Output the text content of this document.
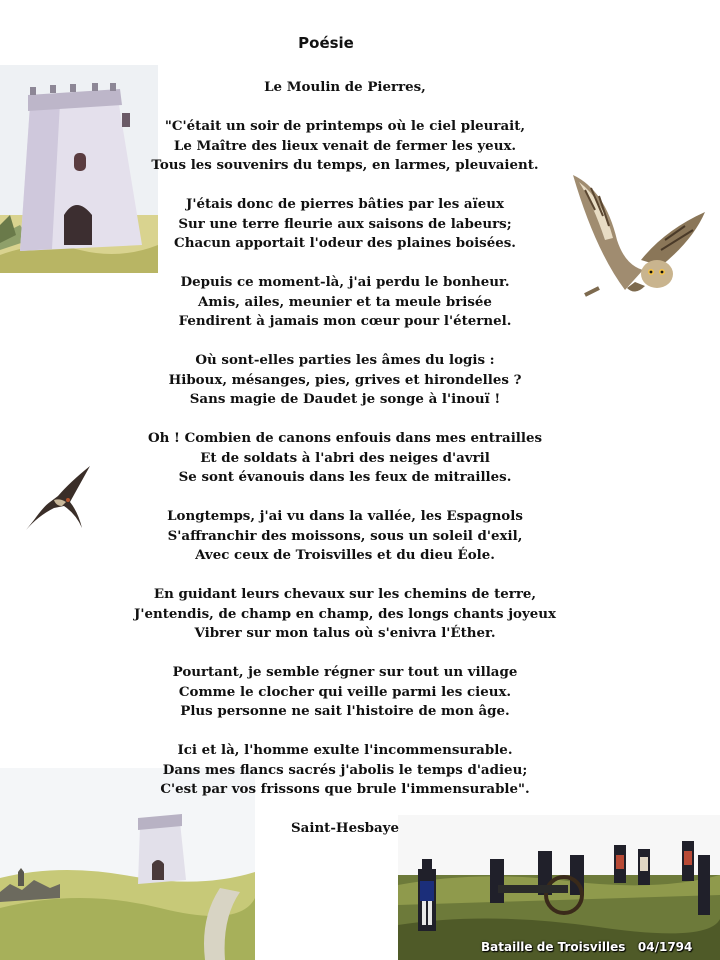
Poésie
Le Moulin de Pierres,
"C'était un soir de printemps où le ciel pleurait,
Le Maître des lieux venait de fermer les yeux.
Tous les souvenirs du temps, en larmes, pleuvaient.
J'étais donc de pierres bâties par les aïeux
Sur une terre fleurie aux saisons de labeurs;
Chacun apportait l'odeur des plaines boisées.
Depuis ce moment-là, j'ai perdu le bonheur.
Amis, ailes, meunier et ta meule brisée
Fendirent à jamais mon cœur pour l'éternel.
Où sont-elles parties les âmes du logis :
Hiboux, mésanges, pies, grives et hirondelles ?
Sans magie de Daudet je songe à l'inouï !
Oh ! Combien de canons enfouis dans mes entrailles
Et de soldats à l'abri des neiges d'avril
Se sont évanouis dans les feux de mitrailles.
Longtemps, j'ai vu dans la vallée, les Espagnols
S'affranchir des moissons, sous un soleil d'exil,
Avec ceux de Troisvilles et du dieu Éole.
En guidant leurs chevaux sur les chemins de terre,
J'entendis, de champ en champ, des longs chants joyeux
Vibrer sur mon talus où s'enivra l'Éther.
Pourtant, je semble régner sur tout un village
Comme le clocher qui veille parmi les cieux.
Plus personne ne sait l'histoire de mon âge.
Ici et là, l'homme exulte l'incommensurable.
Dans mes flancs sacrés j'abolis le temps d'adieu;
C'est par vos frissons que brule l'immensurable".
Saint-Hesbaye
Bataille de Troisvilles   04/1794
